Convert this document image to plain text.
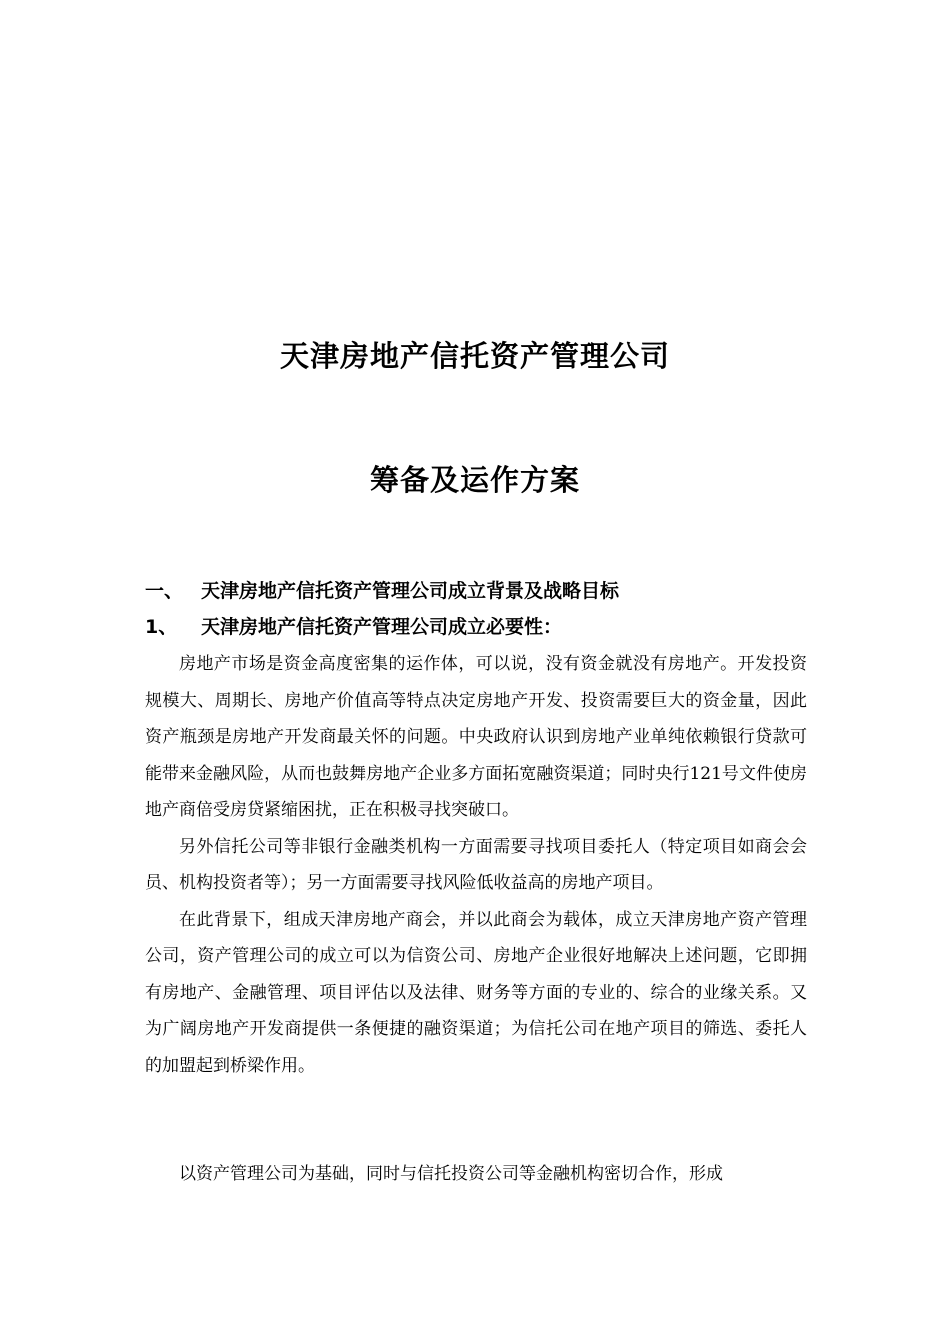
天津房地产信托资产管理公司
筹备及运作方案
一、 天津房地产信托资产管理公司成立背景及战略目标
1、 天津房地产信托资产管理公司成立必要性：

房地产市场是资金高度密集的运作体，可以说，没有资金就没有房地产。开发投资规模大、周期长、房地产价值高等特点决定房地产开发、投资需要巨大的资金量，因此资产瓶颈是房地产开发商最关怀的问题。中央政府认识到房地产业单纯依赖银行贷款可能带来金融风险，从而也鼓舞房地产企业多方面拓宽融资渠道；同时央行121号文件使房地产商倍受房贷紧缩困扰，正在积极寻找突破口。

另外信托公司等非银行金融类机构一方面需要寻找项目委托人（特定项目如商会会员、机构投资者等）；另一方面需要寻找风险低收益高的房地产项目。

在此背景下，组成天津房地产商会，并以此商会为载体，成立天津房地产资产管理公司，资产管理公司的成立可以为信资公司、房地产企业很好地解决上述问题，它即拥有房地产、金融管理、项目评估以及法律、财务等方面的专业的、综合的业缘关系。又为广阔房地产开发商提供一条便捷的融资渠道；为信托公司在地产项目的筛选、委托人的加盟起到桥梁作用。

以资产管理公司为基础，同时与信托投资公司等金融机构密切合作，形成
